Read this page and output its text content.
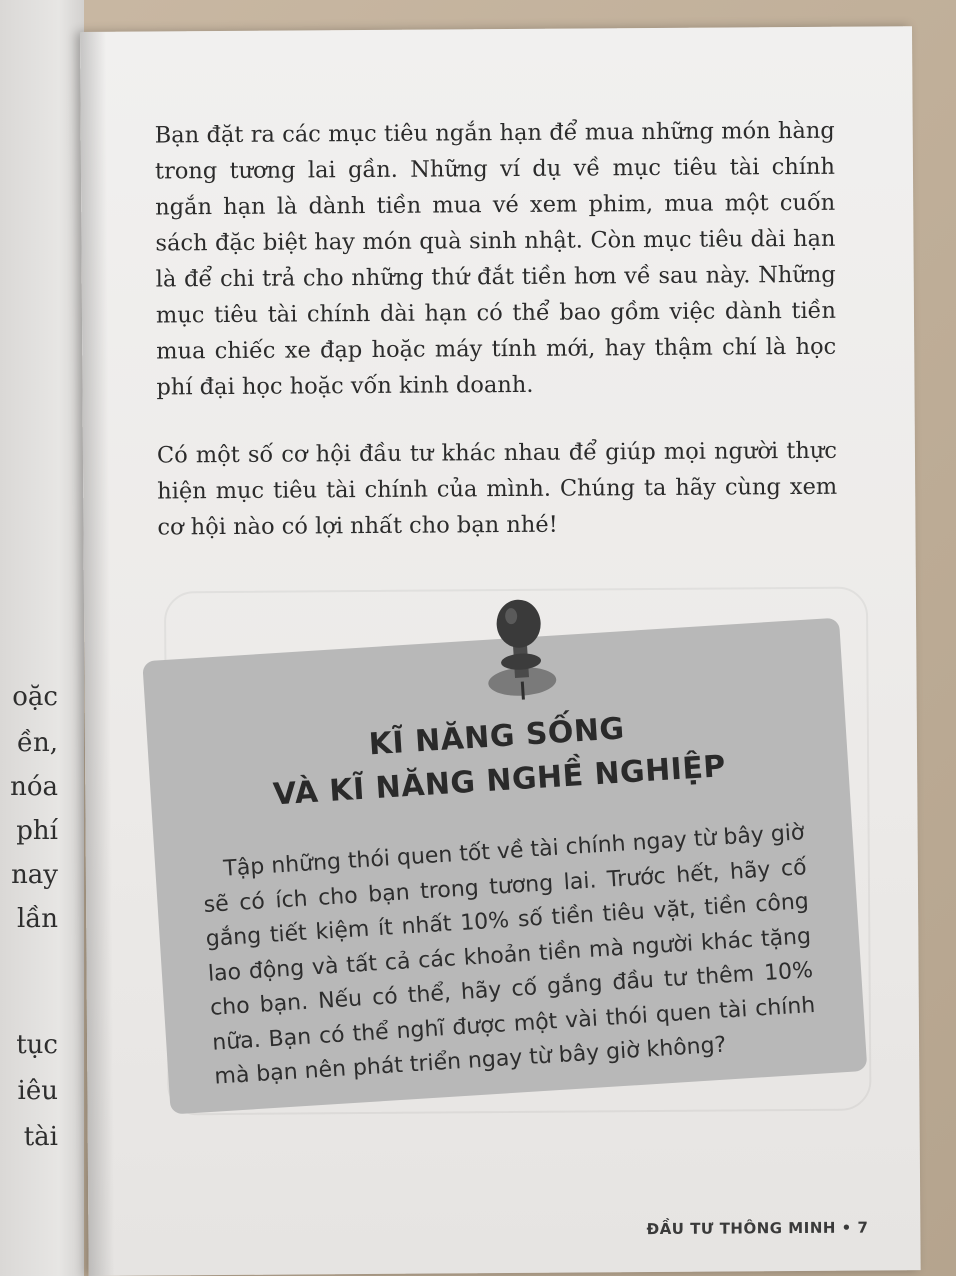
oặc
ền,
nóa
phí
nay
lần
tục
iêu
tài

Bạn đặt ra các mục tiêu ngắn hạn để mua những món hàng trong tương lai gần. Những ví dụ về mục tiêu tài chính ngắn hạn là dành tiền mua vé xem phim, mua một cuốn sách đặc biệt hay món quà sinh nhật. Còn mục tiêu dài hạn là để chi trả cho những thứ đắt tiền hơn về sau này. Những mục tiêu tài chính dài hạn có thể bao gồm việc dành tiền mua chiếc xe đạp hoặc máy tính mới, hay thậm chí là học phí đại học hoặc vốn kinh doanh.

Có một số cơ hội đầu tư khác nhau để giúp mọi người thực hiện mục tiêu tài chính của mình. Chúng ta hãy cùng xem cơ hội nào có lợi nhất cho bạn nhé!

KĨ NĂNG SỐNG
VÀ KĨ NĂNG NGHỀ NGHIỆP

Tập những thói quen tốt về tài chính ngay từ bây giờ sẽ có ích cho bạn trong tương lai. Trước hết, hãy cố gắng tiết kiệm ít nhất 10% số tiền tiêu vặt, tiền công lao động và tất cả các khoản tiền mà người khác tặng cho bạn. Nếu có thể, hãy cố gắng đầu tư thêm 10% nữa. Bạn có thể nghĩ được một vài thói quen tài chính mà bạn nên phát triển ngay từ bây giờ không?

ĐẦU TƯ THÔNG MINH • 7
